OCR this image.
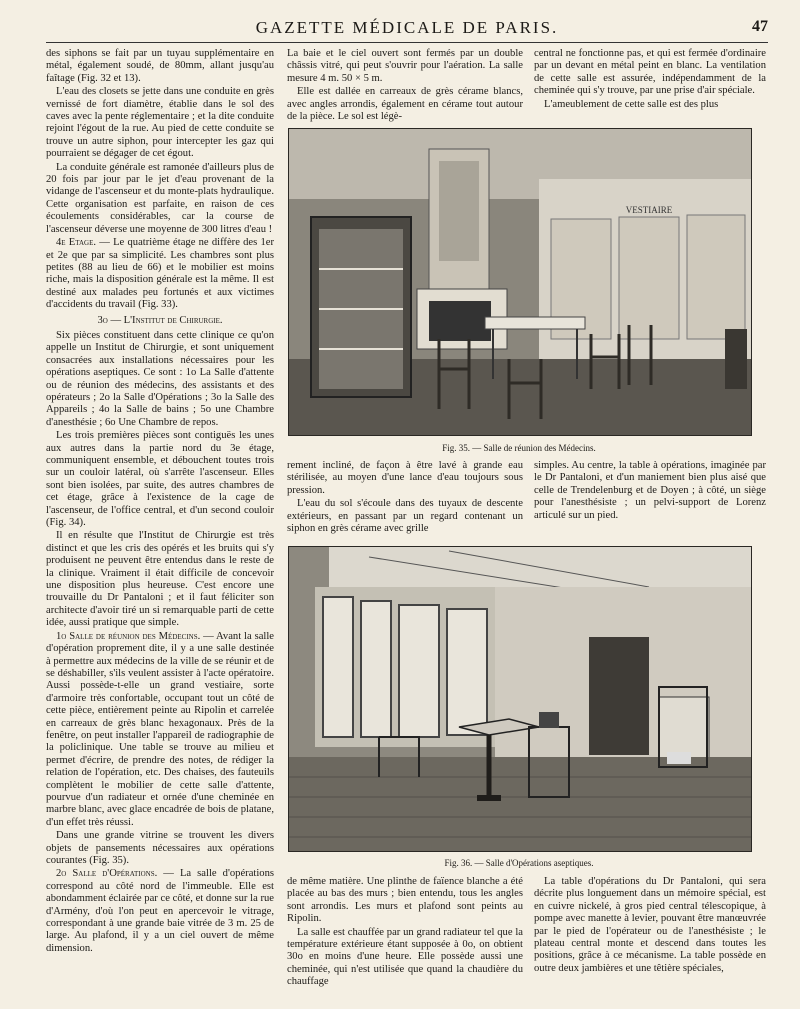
GAZETTE MÉDICALE DE PARIS.	47

des siphons se fait par un tuyau supplémentaire en métal, également soudé, de 80mm, allant jusqu'au faîtage (Fig. 32 et 13).

L'eau des closets se jette dans une conduite en grès vernissé de fort diamètre, établie dans le sol des caves avec la pente réglementaire ; et la dite conduite rejoint l'égout de la rue. Au pied de cette conduite se trouve un autre siphon, pour intercepter les gaz qui pourraient se dégager de cet égout.

La conduite générale est ramonée d'ailleurs plus de 20 fois par jour par le jet d'eau provenant de la vidange de l'ascenseur et du monte-plats hydraulique. Cette organisation est parfaite, en raison de ces écoulements considérables, car la course de l'ascenseur déverse une moyenne de 300 litres d'eau !

4e Etage. — Le quatrième étage ne diffère des 1er et 2e que par sa simplicité. Les chambres sont plus petites (88 au lieu de 66) et le mobilier est moins riche, mais la disposition générale est la même. Il est destiné aux malades peu fortunés et aux victimes d'accidents du travail (Fig. 33).

3o — L'Institut de Chirurgie.

Six pièces constituent dans cette clinique ce qu'on appelle un Institut de Chirurgie, et sont uniquement consacrées aux installations nécessaires pour les opérations aseptiques. Ce sont : 1o La Salle d'attente ou de réunion des médecins, des assistants et des opérateurs ; 2o la Salle d'Opérations ; 3o la Salle des Appareils ; 4o la Salle de bains ; 5o une Chambre d'anesthésie ; 6o Une Chambre de repos.

Les trois premières pièces sont contiguës les unes aux autres dans la partie nord du 3e étage, communiquent ensemble, et débouchent toutes trois sur un couloir latéral, où s'arrête l'ascenseur. Elles sont bien isolées, par suite, des autres chambres de cet étage, grâce à l'existence de la cage de l'ascenseur, de l'office central, et d'un second couloir (Fig. 34).

Il en résulte que l'Institut de Chirurgie est très distinct et que les cris des opérés et les bruits qui s'y produisent ne peuvent être entendus dans le reste de la clinique. Vraiment il était difficile de concevoir une disposition plus heureuse. C'est encore une trouvaille du Dr Pantaloni ; et il faut féliciter son architecte d'avoir tiré un si remarquable parti de cette idée, aussi pratique que simple.

1o Salle de réunion des Médecins. — Avant la salle d'opération proprement dite, il y a une salle destinée à permettre aux médecins de la ville de se réunir et de se déshabiller, s'ils veulent assister à l'acte opératoire. Aussi possède-t-elle un grand vestiaire, sorte d'armoire très confortable, occupant tout un côté de cette pièce, entièrement peinte au Ripolin et carrelée en carreaux de grès blanc hexagonaux. Près de la fenêtre, on peut installer l'appareil de radiographie de la policlinique. Une table se trouve au milieu et permet d'écrire, de prendre des notes, de rédiger la relation de l'opération, etc. Des chaises, des fauteuils complètent le mobilier de cette salle d'attente, pourvue d'un radiateur et ornée d'une cheminée en marbre blanc, avec glace encadrée de bois de platane, d'un effet très réussi.

Dans une grande vitrine se trouvent les divers objets de pansements nécessaires aux opérations courantes (Fig. 35).

2o Salle d'Opérations. — La salle d'opérations correspond au côté nord de l'immeuble. Elle est abondamment éclairée par ce côté, et donne sur la rue d'Armény, d'où l'on peut en apercevoir le vitrage, correspondant à une grande baie vitrée de 3 m. 25 de large. Au plafond, il y a un ciel ouvert de même dimension.

La baie et le ciel ouvert sont fermés par un double châssis vitré, qui peut s'ouvrir pour l'aération. La salle mesure 4 m. 50 × 5 m.

Elle est dallée en carreaux de grès cérame blancs, avec angles arrondis, également en cérame tout autour de la pièce. Le sol est légè-

central ne fonctionne pas, et qui est fermée d'ordinaire par un devant en métal peint en blanc. La ventilation de cette salle est assurée, indépendamment de la cheminée qui s'y trouve, par une prise d'air spéciale.

L'ameublement de cette salle est des plus

VESTIAIRE
Fig. 35. — Salle de réunion des Médecins.

rement incliné, de façon à être lavé à grande eau stérilisée, au moyen d'une lance d'eau toujours sous pression.

L'eau du sol s'écoule dans des tuyaux de descente extérieurs, en passant par un regard contenant un siphon en grès cérame avec grille

simples. Au centre, la table à opérations, imaginée par le Dr Pantaloni, et d'un maniement bien plus aisé que celle de Trendelenburg et de Doyen ; à côté, un siège pour l'anesthésiste ; un pelvi-support de Lorenz articulé sur un pied.

Fig. 36. — Salle d'Opérations aseptiques.

de même matière. Une plinthe de faïence blanche a été placée au bas des murs ; bien entendu, tous les angles sont arrondis. Les murs et plafond sont peints au Ripolin.

La salle est chauffée par un grand radiateur tel que la température extérieure étant supposée à 0o, on obtient 30o en moins d'une heure. Elle possède aussi une cheminée, qui n'est utilisée que quand la chaudière du chauffage

La table d'opérations du Dr Pantaloni, qui sera décrite plus longuement dans un mémoire spécial, est en cuivre nickelé, à gros pied central télescopique, à pompe avec manette à levier, pouvant être manœuvrée par le pied de l'opérateur ou de l'anesthésiste ; le plateau central monte et descend dans toutes les positions, grâce à ce mécanisme. La table possède en outre deux jambières et une têtière spéciales,
